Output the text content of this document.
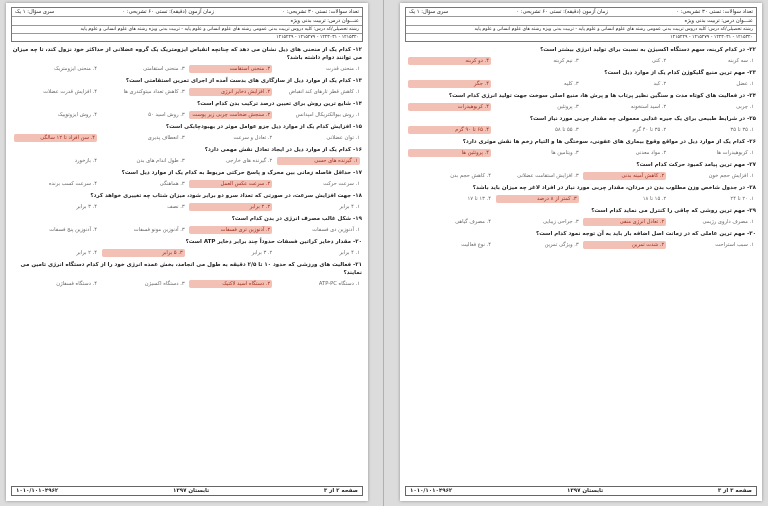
تعداد سوالات: تستی ۳۰ تشریحی: ۰
زمان آزمون (دقیقه): تستی ۶۰ تشریحی: ۰
سری سؤال: ۱ یک
عنـــوان درس: تربیت بدنی ویژه
رشته تحصیلی/کد درس: کلیه دروس تربیت بدنی عمومی رشته های علوم انسانی و علوم پایه - تربیت بدنی ویژه رشته های علوم انسانی و علوم پایه
۱۲۱۵۳۲۰ - ۱۲۲۳۰۳۱ - ۱۲۱۵۲۷۹ - ۱۲۱۵۲۲۹
۱۲- کدام یک از منحنی های ذیل نشان می دهد که چنانچه انقباض ایزومتریک یک گروه عضلانی از حداکثر خود نزول کند، تا چه میزان می توانند دوام داشته باشد؟
۱. منحنی قدرت
۲. منحنی استقامت
۳. منحنی استقامتی
۴. منحنی ایزومتریک
۱۳- کدام یک از موارد ذیل از سازگاری های بدست آمده از اجرای تمرین استقامتی است؟
۱. کاهش قطر تارهای کند انقباض
۲. افزایش ذخایر انرژی
۳. کاهش تعداد میتوکندری ها
۴. افزایش قدرت عضلات
۱۴- شایع ترین روش برای تعیین درصد ترکیب بدن کدام است؟
۱. روش بیوالکتریکال امپدانس
۲. سنجش ضخامت چربی زیر پوست
۳. روش اسید ۵۰
۴. روش ایزوتوپیک
۱۵- افزایش کدام یک از موارد ذیل جزو عوامل موثر در بهبودچابکی است؟
۱. توان عضلانی
۲. تعادل و سرعت
۳. انعطاف پذیری
۴. سن افراد تا ۱۲ سالگی
۱۶- کدام یک از موارد ذیل در ایجاد تعادل نقش مهمی دارد؟
۱. گیرنده های حسی
۲. گیرنده های خارجی
۳. طول اندام های بدن
۴. بازخورد
۱۷- حداقل فاصله زمانی بین محرک و پاسخ حرکتی مربوط به کدام یک از موارد ذیل است؟
۱. سرعت حرکت
۲. سرعت عکس العمل
۳. هماهنگی
۴. سرعت کسب برنده
۱۸- جهت افزایش سرعت، در صورتی که تعداد سرو دو برابر شود، میزان شتاب چه تغییری خواهد کرد؟
۱. ۴ برابر
۲. ۲ برابر
۳. نصف
۴. ۳ برابر
۱۹- شکل غالب مصرف انرژی در بدن کدام است؟
۱. آدنوزین دی فسفات
۲. آدنوزین تری فسفات
۳. آدنوزین مونو فسفات
۴. آدنوزین پنج فسفات
۲۰- مقدار ذخایر کراتین فسفات حدوداً چند برابر ذخایر ATP است؟
۱. ۴ برابر
۲. ۳ برابر
۳. ۵ برابر
۴. ۲ برابر
۲۱- فعالیت های ورزشی که حدود ۱۰ تا ۲/۵ دقیقه به طول می انجامد، بخش عمده انرژی خود را از کدام دستگاه انرژی تامین می نمایند؟
۱. دستگاه ATP-PC
۲. دستگاه اسید لاکتیک
۳. دستگاه اکسیژن
۴. دستگاه فسفاژن
صفحه ۲ از ۳
تابستان ۱۳۹۷
۱۰۱۰/۱۰۱۰۴۹۶۲
تعداد سوالات: تستی ۳۰ تشریحی: ۰
زمان آزمون (دقیقه): تستی ۶۰ تشریحی: ۰
سری سؤال: ۱ یک
عنـــوان درس: تربیت بدنی ویژه
رشته تحصیلی/کد درس: کلیه دروس تربیت بدنی عمومی رشته های علوم انسانی و علوم پایه - تربیت بدنی ویژه رشته های علوم انسانی و علوم پایه
۱۲۱۵۳۲۰ - ۱۲۲۳۰۳۱ - ۱۲۱۵۲۷۹ - ۱۲۱۵۲۲۹
۲۲- در کدام کربنه، سهم دستگاه اکسیژن به نسبت برای تولید انرژی بیشتر است؟
۱. سه کربنه
۲. کتی
۳. نیم کربنه
۴. دو کربنه
۲۳- مهم ترین منبع گلیکوژن کدام یک از موارد ذیل است؟
۱. عضل
۲. کبد
۳. کلیه
۴. جگر
۲۴- در فعالیت های کوتاه مدت و سنگین نظیر پرتاب ها و پرش ها، منبع اصلی سوخت جهت تولید انرژی کدام است؟
۱. چربی
۲. اسید استخونه
۳. پروتئین
۴. کربوهیدرات
۲۵- در شرایط طبیعی برای یک جیره غذایی معمولی چه مقدار چربی مورد نیاز است؟
۱. ۳۵ تا ۳۵
۲. ۳۵ تا ۴۰ گرم
۳. ۵۵ تا ۵۸
۴. ۶۵ تا ۹۰ گرم
۲۶- کدام یک از موارد ذیل در مواقع وقوع بیماری های عفونی، سوختگی ها و التیام زخم ها نقش موثری دارد؟
۱. کربوهیدرات ها
۲. مواد معدنی
۳. ویتامین ها
۴. پروتئین ها
۲۷- مهم ترین پیامد کمبود حرکت کدام است؟
۱. افزایش حجم خون
۲. کاهش آمینه بدنی
۳. افزایش استقامت عضلانی
۴. کاهش حجم بدن
۲۸- در جدول شاخص وزن مطلوب بدن در مردان، مقدار چربی مورد نیاز در افراد لاغر چه میزان باید باشد؟
۱. ۲۰ تا ۲۴
۲. ۱۵ تا ۱۸
۳. کمتر از ۸ درصد
۴. ۱۳ تا ۱۷
۲۹- مهم ترین روشی که چاقی را کنترل می نماید کدام است؟
۱. مصرف داروی رژیمی
۲. تعادل انرژی منفی
۳. جراحی زیبایی
۴. مصرف گیاهی
۳۰- مهم ترین عاملی که در زمانت اصل اضافه بار باید به آن توجه نمود کدام است؟
۱. سبب استراحت
۲. شدت تمرین
۳. ویژگی تمرین
۴. نوع فعالیت
صفحه ۳ از ۳
تابستان ۱۳۹۷
۱۰۱۰/۱۰۱۰۴۹۶۲
